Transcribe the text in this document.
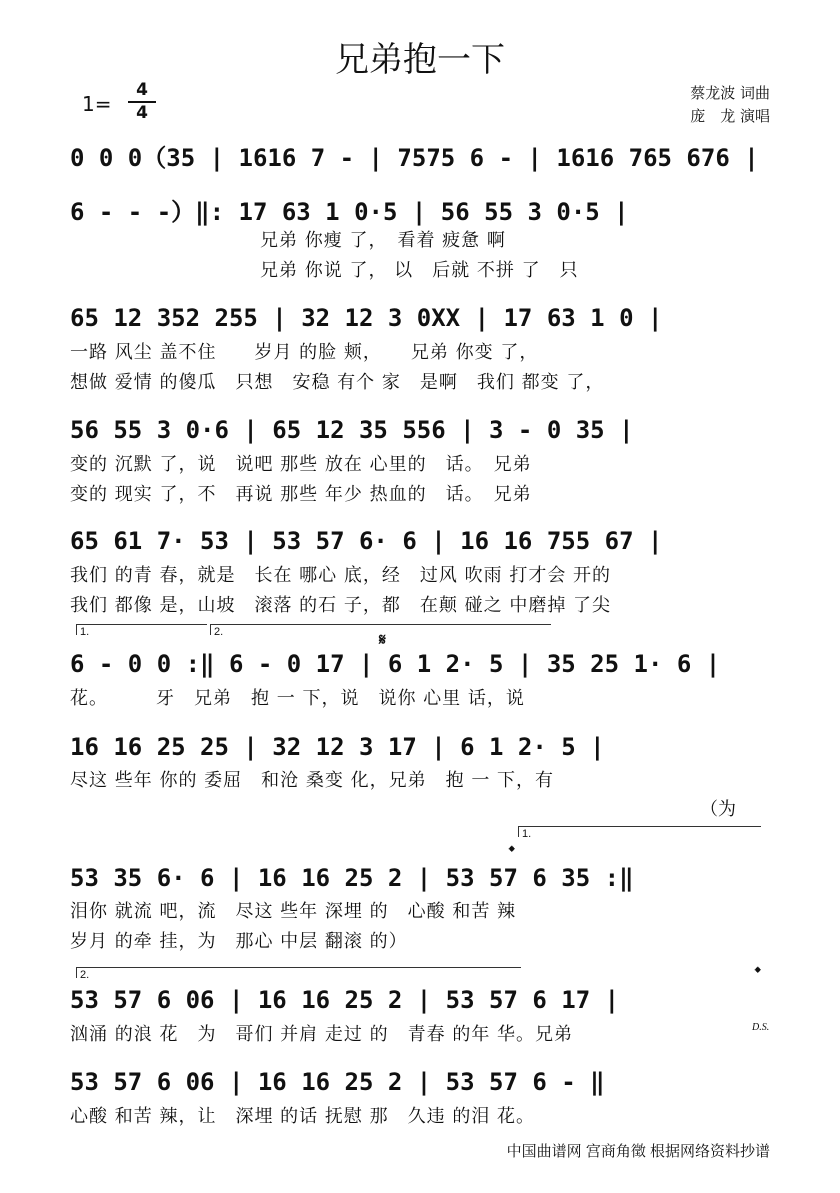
兄弟抱一下
1=
4
4
蔡龙波 词曲
庞　龙 演唱
0 0 0（35 | 1616 7 - | 7575 6 - | 1616 765 676 |
6 - - -）‖: 17 63 1 0·5 | 56 55 3 0·5 |
兄弟 你瘦 了，　看着 疲惫 啊
兄弟 你说 了， 以　后就 不拼 了　只
65 12 352 255 | 32 12 3 0XX | 17 63 1 0 |
一路 风尘 盖不住　　岁月 的脸 颊，　　兄弟 你变 了，
想做 爱情 的傻瓜　只想　安稳 有个 家　是啊　我们 都变 了，
56 55 3 0·6 | 65 12 35 556 | 3 - 0 35 |
变的 沉默 了，说　说吧 那些 放在 心里的　话。　兄弟
变的 现实 了，不　再说 那些 年少 热血的　话。　兄弟
65 61 7· 53 | 53 57 6· 6 | 16 16 755 67 |
我们 的青 春，就是　长在 哪心 底，经　过风 吹雨 打才会 开的
我们 都像 是，山坡　滚落 的石 子，都　在颠 碰之 中磨掉 了尖
1.	2.	𝄋
6 - 0 0 :‖ 6 - 0 17 | 6 1 2· 5 | 35 25 1· 6 |
花。　　　牙　兄弟　抱 一 下，说　说你 心里 话，说
16 16 25 25 | 32 12 3 17 | 6 1 2· 5 |
尽这 些年 你的 委屈　和沧 桑变 化，兄弟　抱 一 下，有
（为
1.
𝄌
53 35 6· 6 | 16 16 25 2 | 53 57 6 35 :‖
泪你 就流 吧，流　尽这 些年 深埋 的　心酸 和苦 辣
岁月 的牵 挂，为　那心 中层 翻滚 的）
2.	𝄌
53 57 6 06 | 16 16 25 2 | 53 57 6 17 |
汹涌 的浪 花　为　哥们 并肩 走过 的　青春 的年 华。兄弟	D.S.
53 57 6 06 | 16 16 25 2 | 53 57 6 - ‖
心酸 和苦 辣，让　深埋 的话 抚慰 那　久违 的泪 花。
中国曲谱网 宫商角徵 根据网络资料抄谱
